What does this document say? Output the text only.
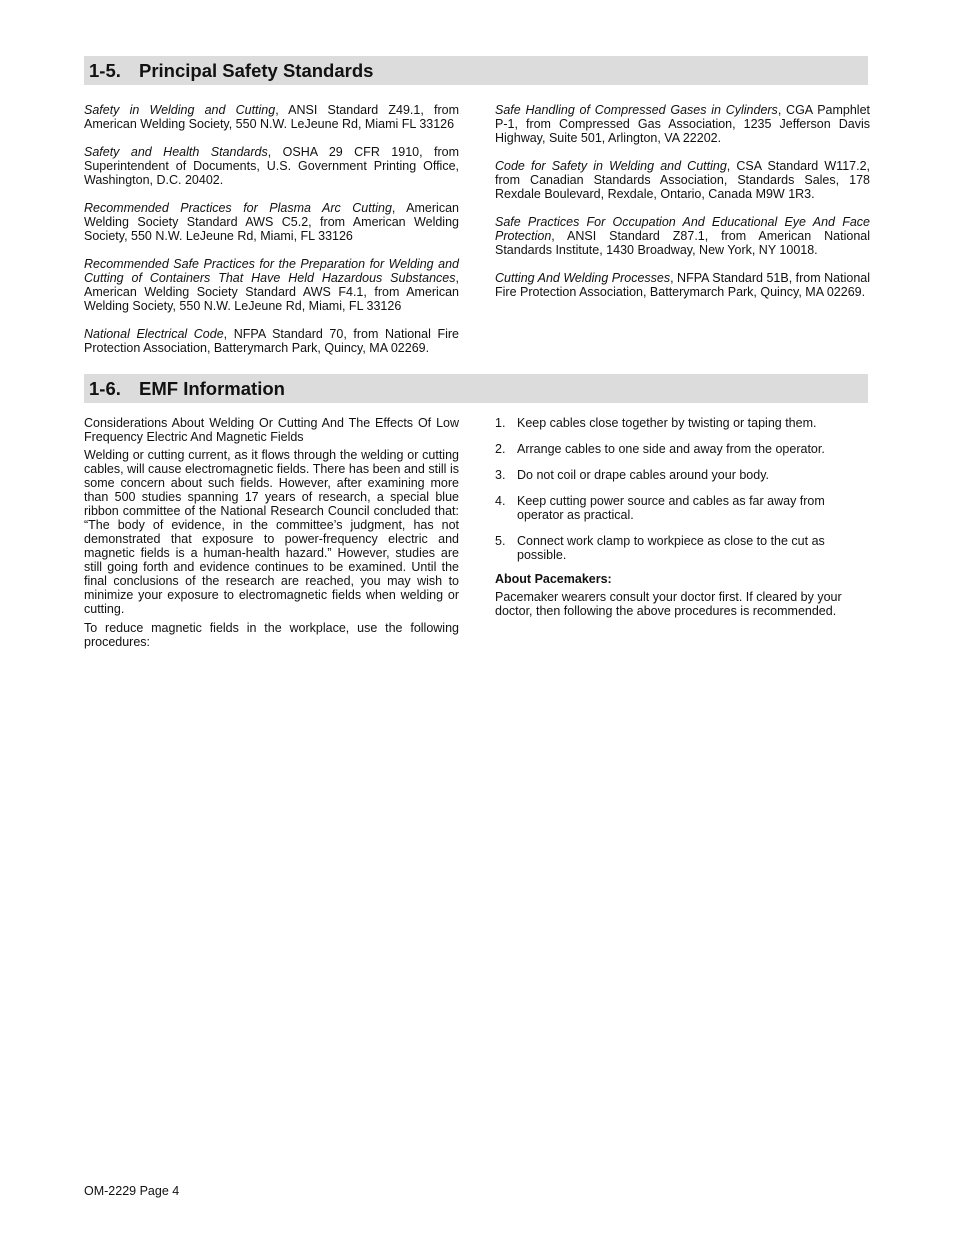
1-5. Principal Safety Standards

Safety in Welding and Cutting, ANSI Standard Z49.1, from American Welding Society, 550 N.W. LeJeune Rd, Miami FL 33126

Safety and Health Standards, OSHA 29 CFR 1910, from Superintendent of Documents, U.S. Government Printing Office, Washington, D.C. 20402.

Recommended Practices for Plasma Arc Cutting, American Welding Society Standard AWS C5.2, from American Welding Society, 550 N.W. LeJeune Rd, Miami, FL 33126

Recommended Safe Practices for the Preparation for Welding and Cutting of Containers That Have Held Hazardous Substances, American Welding Society Standard AWS F4.1, from American Welding Society, 550 N.W. LeJeune Rd, Miami, FL 33126

National Electrical Code, NFPA Standard 70, from National Fire Protection Association, Batterymarch Park, Quincy, MA 02269.

Safe Handling of Compressed Gases in Cylinders, CGA Pamphlet P-1, from Compressed Gas Association, 1235 Jefferson Davis Highway, Suite 501, Arlington, VA 22202.

Code for Safety in Welding and Cutting, CSA Standard W117.2, from Canadian Standards Association, Standards Sales, 178 Rexdale Boulevard, Rexdale, Ontario, Canada M9W 1R3.

Safe Practices For Occupation And Educational Eye And Face Protection, ANSI Standard Z87.1, from American National Standards Institute, 1430 Broadway, New York, NY 10018.

Cutting And Welding Processes, NFPA Standard 51B, from National Fire Protection Association, Batterymarch Park, Quincy, MA 02269.

1-6. EMF Information

Considerations About Welding Or Cutting And The Effects Of Low Frequency Electric And Magnetic Fields

Welding or cutting current, as it flows through the welding or cutting cables, will cause electromagnetic fields. There has been and still is some concern about such fields. However, after examining more than 500 studies spanning 17 years of research, a special blue ribbon committee of the National Research Council concluded that: “The body of evidence, in the committee’s judgment, has not demonstrated that exposure to power-frequency electric and magnetic fields is a human-health hazard.” However, studies are still going forth and evidence continues to be examined. Until the final conclusions of the research are reached, you may wish to minimize your exposure to electromagnetic fields when welding or cutting.

To reduce magnetic fields in the workplace, use the following procedures:

1. Keep cables close together by twisting or taping them.
2. Arrange cables to one side and away from the operator.
3. Do not coil or drape cables around your body.
4. Keep cutting power source and cables as far away from operator as practical.
5. Connect work clamp to workpiece as close to the cut as possible.

About Pacemakers:

Pacemaker wearers consult your doctor first. If cleared by your doctor, then following the above procedures is recommended.

OM-2229 Page 4
